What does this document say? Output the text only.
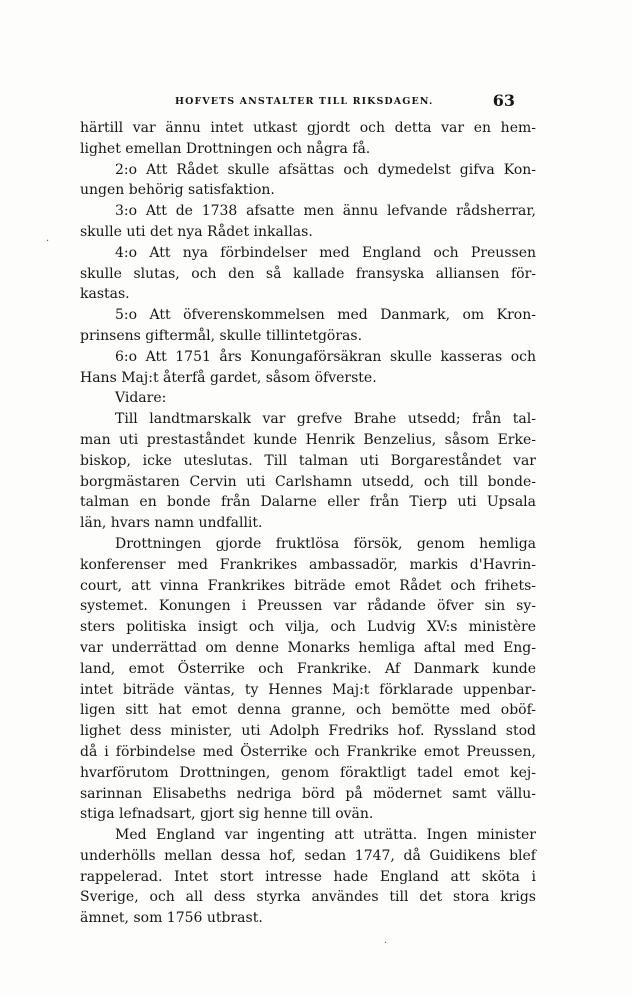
HOFVETS ANSTALTER TILL RIKSDAGEN.	63
härtill var ännu intet utkast gjordt och detta var en hem-
lighet emellan Drottningen och några få.
2:o Att Rådet skulle afsättas och dymedelst gifva Kon-
ungen behörig satisfaktion.
3:o Att de 1738 afsatte men ännu lefvande rådsherrar,
skulle uti det nya Rådet inkallas.
4:o Att nya förbindelser med England och Preussen
skulle slutas, och den så kallade fransyska alliansen för-
kastas.
5:o Att öfverenskommelsen med Danmark, om Kron-
prinsens giftermål, skulle tillintetgöras.
6:o Att 1751 års Konungaförsäkran skulle kasseras och
Hans Maj:t återfå gardet, såsom öfverste.
Vidare:
Till landtmarskalk var grefve Brahe utsedd; från tal-
man uti prestaståndet kunde Henrik Benzelius, såsom Erke-
biskop, icke uteslutas. Till talman uti Borgareståndet var
borgmästaren Cervin uti Carlshamn utsedd, och till bonde-
talman en bonde från Dalarne eller från Tierp uti Upsala
län, hvars namn undfallit.
Drottningen gjorde fruktlösa försök, genom hemliga
konferenser med Frankrikes ambassadör, markis d'Havrin-
court, att vinna Frankrikes biträde emot Rådet och frihets-
systemet. Konungen i Preussen var rådande öfver sin sy-
sters politiska insigt och vilja, och Ludvig XV:s ministère
var underrättad om denne Monarks hemliga aftal med Eng-
land, emot Österrike och Frankrike. Af Danmark kunde
intet biträde väntas, ty Hennes Maj:t förklarade uppenbar-
ligen sitt hat emot denna granne, och bemötte med oböf-
lighet dess minister, uti Adolph Fredriks hof. Ryssland stod
då i förbindelse med Österrike och Frankrike emot Preussen,
hvarförutom Drottningen, genom föraktligt tadel emot kej-
sarinnan Elisabeths nedriga börd på mödernet samt vällu-
stiga lefnadsart, gjort sig henne till ovän.
Med England var ingenting att uträtta. Ingen minister
underhölls mellan dessa hof, sedan 1747, då Guidikens blef
rappelerad. Intet stort intresse hade England att sköta i
Sverige, och all dess styrka användes till det stora krigs
ämnet, som 1756 utbrast.
·
·
